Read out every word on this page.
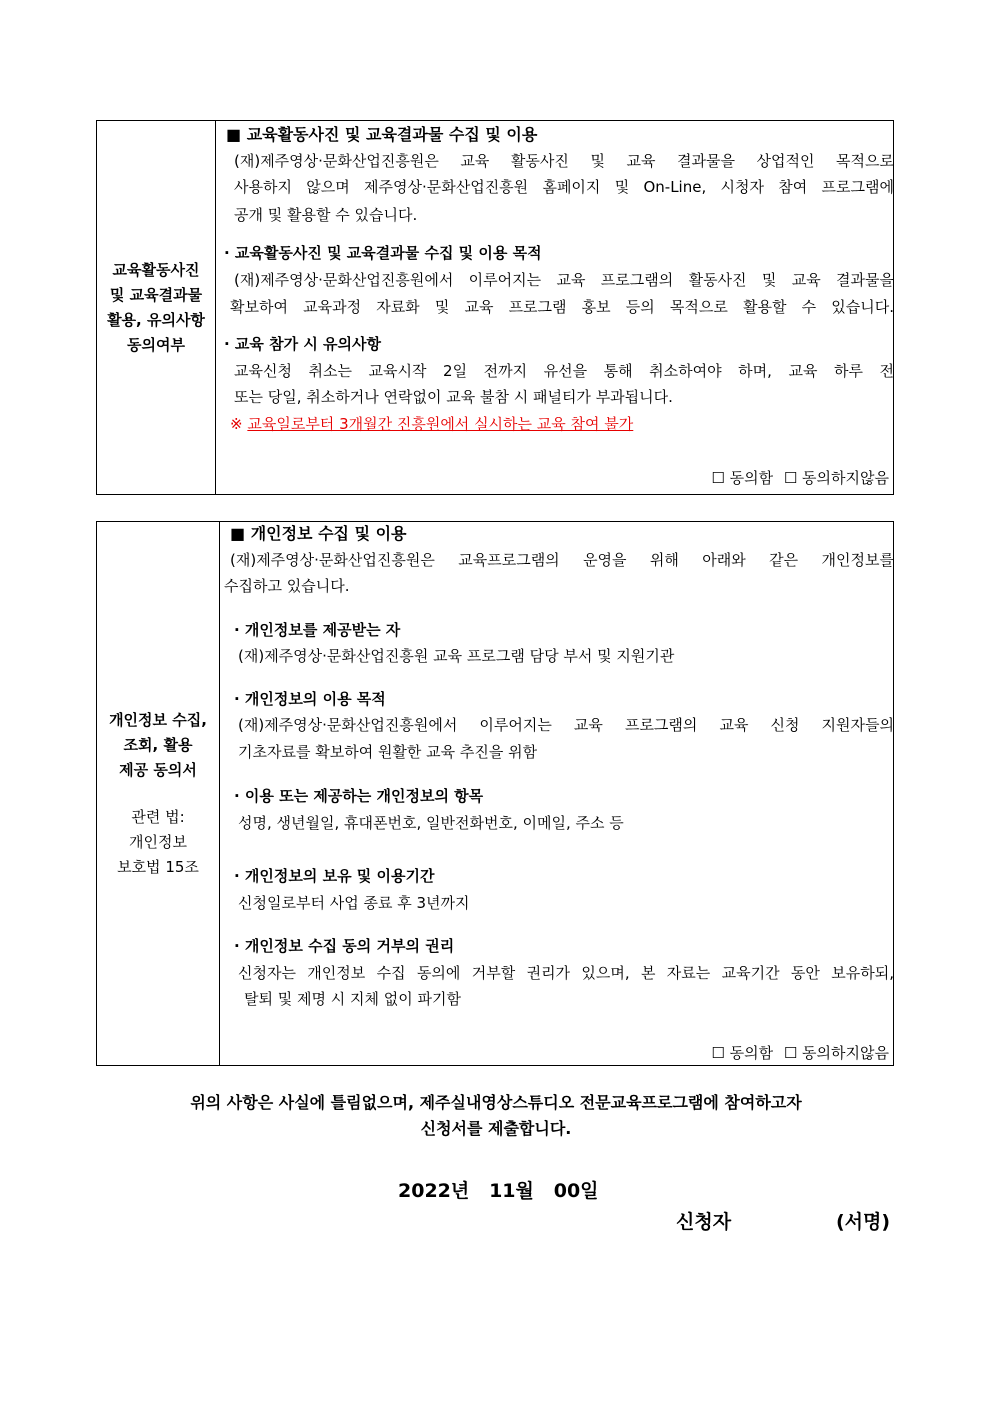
교육활동사진
및 교육결과물
활용, 유의사항
동의여부
■ 교육활동사진 및 교육결과물 수집 및 이용
(재)제주영상·문화산업진흥원은 교육 활동사진 및 교육 결과물을 상업적인 목적으로
사용하지 않으며 제주영상·문화산업진흥원 홈페이지 및 On-Line, 시청자 참여 프로그램에
공개 및 활용할 수 있습니다.
· 교육활동사진 및 교육결과물 수집 및 이용 목적
(재)제주영상·문화산업진흥원에서 이루어지는 교육 프로그램의 활동사진 및 교육 결과물을
확보하여 교육과정 자료화 및 교육 프로그램 홍보 등의 목적으로 활용할 수 있습니다.
· 교육 참가 시 유의사항
교육신청 취소는 교육시작 2일 전까지 유선을 통해 취소하여야 하며, 교육 하루 전
또는 당일, 취소하거나 연락없이 교육 불참 시 패널티가 부과됩니다.
※ 교육일로부터 3개월간 진흥원에서 실시하는 교육 참여 불가
☐ 동의함 ☐ 동의하지않음
개인정보 수집,
조회, 활용
제공 동의서
관련 법:
개인정보
보호법 15조
■ 개인정보 수집 및 이용
(재)제주영상·문화산업진흥원은 교육프로그램의 운영을 위해 아래와 같은 개인정보를
수집하고 있습니다.
· 개인정보를 제공받는 자
(재)제주영상·문화산업진흥원 교육 프로그램 담당 부서 및 지원기관
· 개인정보의 이용 목적
(재)제주영상·문화산업진흥원에서 이루어지는 교육 프로그램의 교육 신청 지원자들의
기초자료를 확보하여 원활한 교육 추진을 위함
· 이용 또는 제공하는 개인정보의 항목
성명, 생년월일, 휴대폰번호, 일반전화번호, 이메일, 주소 등
· 개인정보의 보유 및 이용기간
신청일로부터 사업 종료 후 3년까지
· 개인정보 수집 동의 거부의 권리
신청자는 개인정보 수집 동의에 거부할 권리가 있으며, 본 자료는 교육기간 동안 보유하되,
탈퇴 및 제명 시 지체 없이 파기함
☐ 동의함 ☐ 동의하지않음
위의 사항은 사실에 틀림없으며, 제주실내영상스튜디오 전문교육프로그램에 참여하고자
신청서를 제출합니다.
2022년   11월   00일
신청자	(서명)
